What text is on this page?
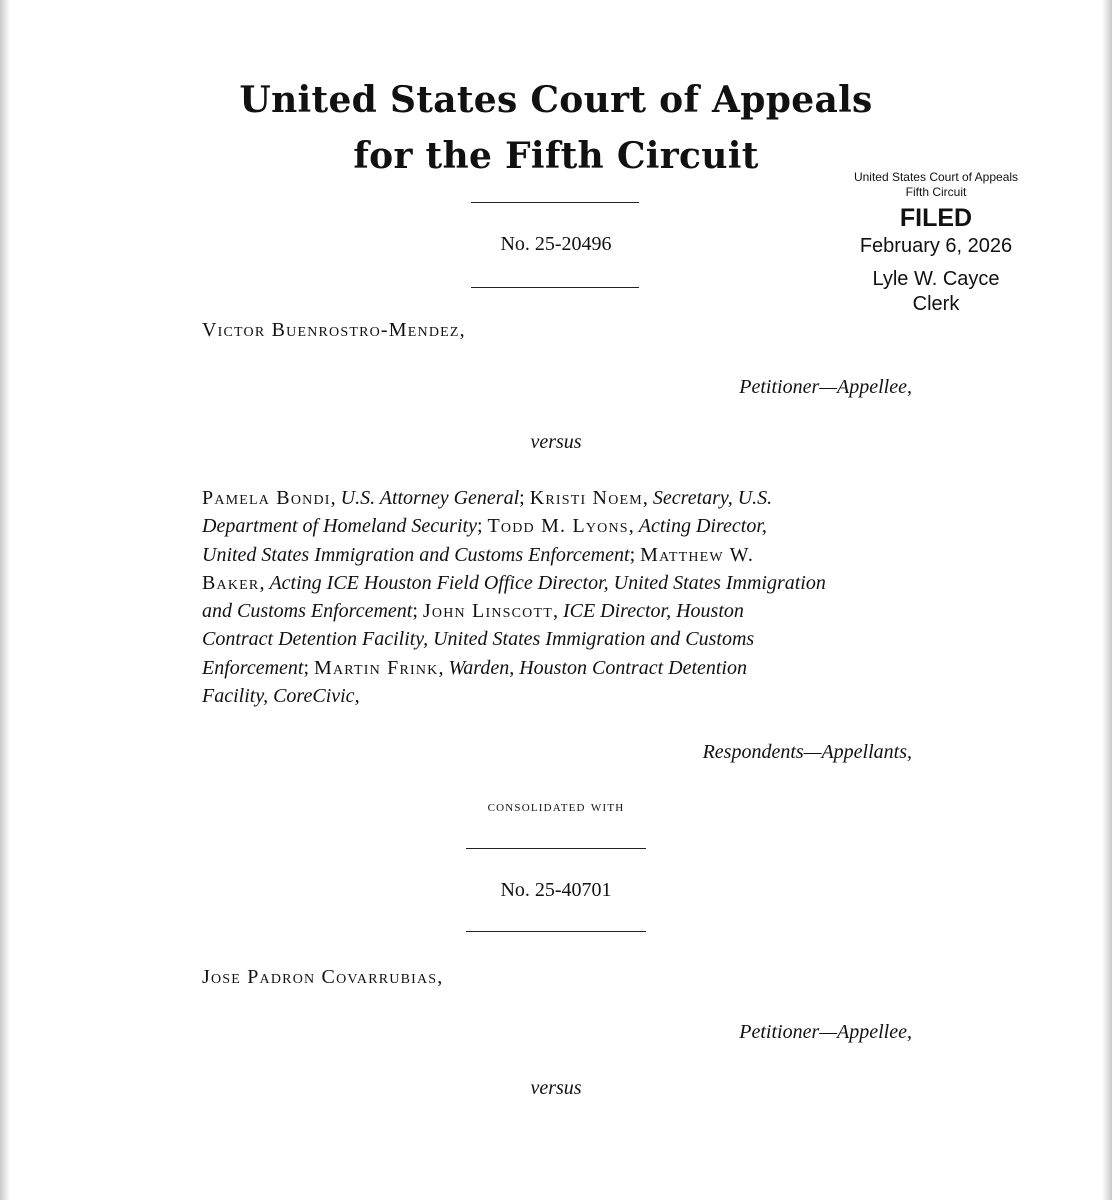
United States Court of Appeals
for the Fifth Circuit
No. 25-20496
United States Court of Appeals
Fifth Circuit
FILED
February 6, 2026
Lyle W. Cayce
Clerk
Victor Buenrostro-Mendez,
Petitioner—Appellee,
versus
Pamela Bondi, U.S. Attorney General; Kristi Noem, Secretary, U.S.
Department of Homeland Security; Todd M. Lyons, Acting Director,
United States Immigration and Customs Enforcement; Matthew W.
Baker, Acting ICE Houston Field Office Director, United States Immigration
and Customs Enforcement; John Linscott, ICE Director, Houston
Contract Detention Facility, United States Immigration and Customs
Enforcement; Martin Frink, Warden, Houston Contract Detention
Facility, CoreCivic,
Respondents—Appellants,
consolidated with
No. 25-40701
Jose Padron Covarrubias,
Petitioner—Appellee,
versus
